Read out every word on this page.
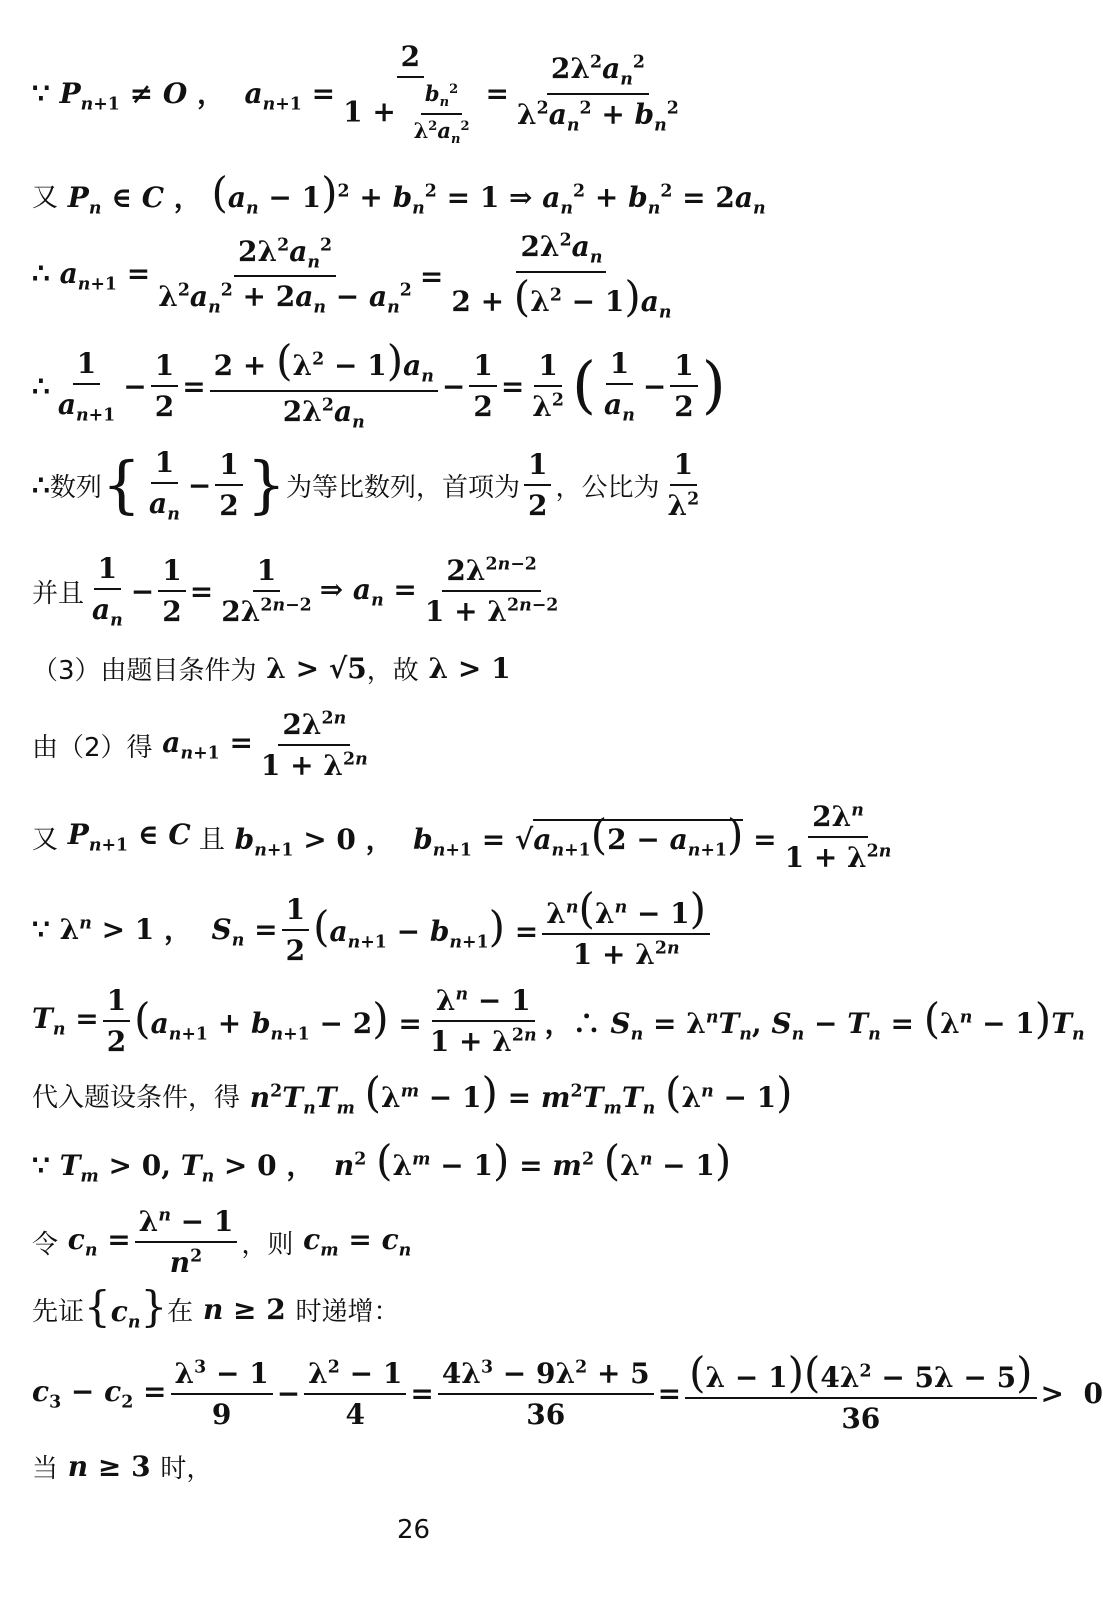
∵ $P_{n+1} \ne O$ ，  $a_{n+1} = \frac{2}{1 + \frac{b_n^2}{\lambda^2a_n^2}} = \frac{2\lambda^2a_n^2}{\lambda^2a_n^2 + b_n^2}$
又 $P_n$ ∈ C ， $(a_n - 1)^2 + b_n^2 = 1$ ⇒ $a_n^2 + b_n^2 = 2a_n$
∴ $a_{n+1} = \frac{2\lambda^2a_n^2}{\lambda^2a_n^2 + 2a_n - a_n^2} = \frac{2\lambda^2a_n}{2 + (\lambda^2 - 1)a_n}$
∴ $\frac{1}{a_{n+1}} - \frac{1}{2} = \frac{2 + (\lambda^2 - 1)a_n}{2\lambda^2a_n} - \frac{1}{2} = \frac{1}{\lambda^2}$ ( $\frac{1}{a_n} - \frac{1}{2}$ )
∴ 数列 { $\frac{1}{a_n} - \frac{1}{2}$ } 为等比数列，首项为 $\frac{1}{2}$ ，公比为 $\frac{1}{\lambda^2}$
并且 $\frac{1}{a_n} - \frac{1}{2} = \frac{1}{2\lambda^{2n-2}}$ ⇒ $a_n = \frac{2\lambda^{2n-2}}{1 + \lambda^{2n-2}}$
（3）由题目条件为 λ > √5 ，故 λ > 1
由（2）得 $a_{n+1} = \frac{2\lambda^{2n}}{1 + \lambda^{2n}}$
又 $P_{n+1}$ ∈ C 且 $b_{n+1} > 0$ ，  $b_{n+1} = √a_{n+1}(2 - a_{n+1}) = \frac{2\lambda^n}{1 + \lambda^{2n}}$
∵ $\lambda^n > 1$ ，  $S_n = \frac{1}{2} (a_{n+1} - b_{n+1}) = \frac{\lambda^n(\lambda^n - 1)}{1 + \lambda^{2n}}$
$T_n = \frac{1}{2} (a_{n+1} + b_{n+1} - 2) = \frac{\lambda^n - 1}{1 + \lambda^{2n}}$ ，∴ $S_n = \lambda^nT_n$, $S_n - T_n = (\lambda^n - 1)T_n$
代入题设条件，得 $n^2T_nT_m$ $(\lambda^m - 1) = m^2T_mT_n$ $(\lambda^n - 1)$
∵ $T_m > 0$, $T_n > 0$ ，  $n^2$ $(\lambda^m - 1) = m^2$ $(\lambda^n - 1)$
令 $c_n = \frac{\lambda^n - 1}{n^2}$ ，则 $c_m = c_n$
先证 $\{c_n\}$ 在 n ≥ 2 时递增：
$c_3 - c_2 = \frac{\lambda^3 - 1}{9} - \frac{\lambda^2 - 1}{4} = \frac{4\lambda^3 - 9\lambda^2 + 5}{36} = \frac{(\lambda - 1)(4\lambda^2 - 5\lambda - 5)}{36} > 0$
当 n ≥ 3 时，
26
